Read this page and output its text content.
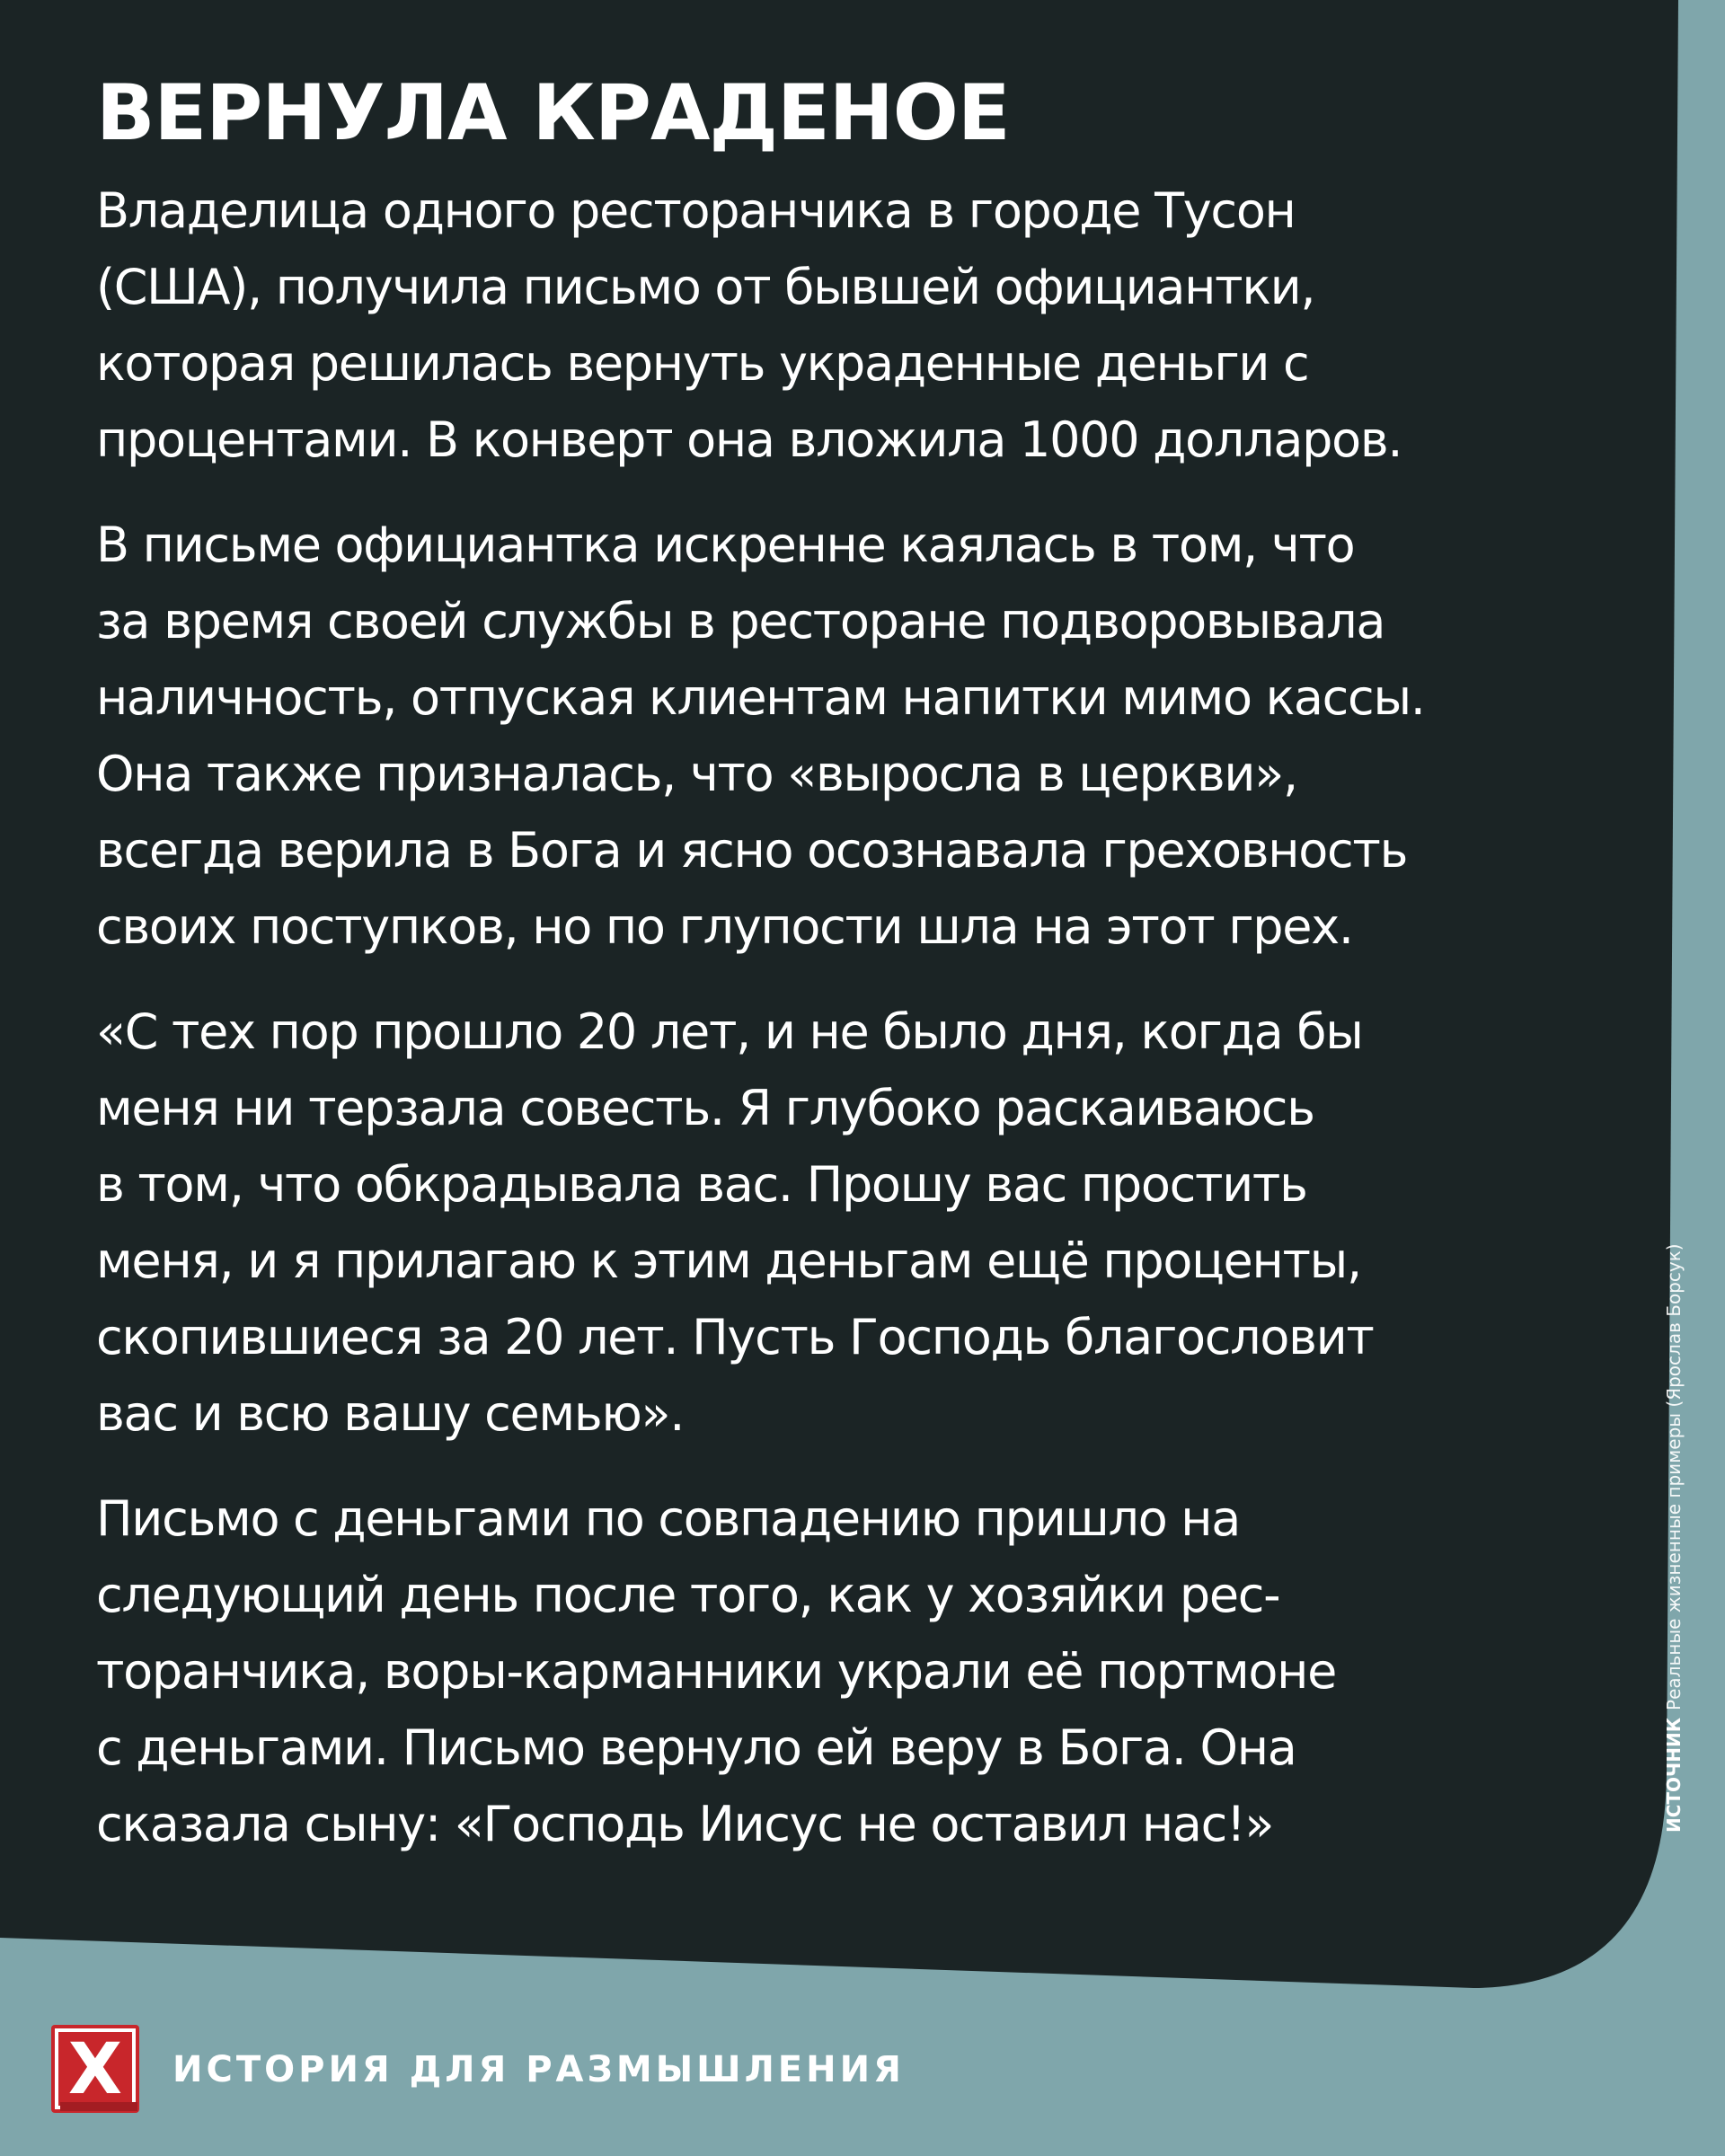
ВЕРНУЛА КРАДЕНОЕ

Владелица одного ресторанчика в городе Тусон
(США), получила письмо от бывшей официантки,
которая решилась вернуть украденные деньги с
процентами. В конверт она вложила 1000 долларов.

В письме официантка искренне каялась в том, что
за время своей службы в ресторане подворовывала
наличность, отпуская клиентам напитки мимо кассы.
Она также призналась, что «выросла в церкви»,
всегда верила в Бога и ясно осознавала греховность
своих поступков, но по глупости шла на этот грех.

«С тех пор прошло 20 лет, и не было дня, когда бы
меня ни терзала совесть. Я глубоко раскаиваюсь
в том, что обкрадывала вас. Прошу вас простить
меня, и я прилагаю к этим деньгам ещё проценты,
скопившиеся за 20 лет. Пусть Господь благословит
вас и всю вашу семью».

Письмо с деньгами по совпадению пришло на
следующий день после того, как у хозяйки рес-
торанчика, воры-карманники украли её портмоне
с деньгами. Письмо вернуло ей веру в Бога. Она
сказала сыну: «Господь Иисус не оставил нас!»	ИСТОЧНИКРеальные жизненные примеры (Ярослав Борсук)
X ИСТОРИЯ ДЛЯ РАЗМЫШЛЕНИЯ
